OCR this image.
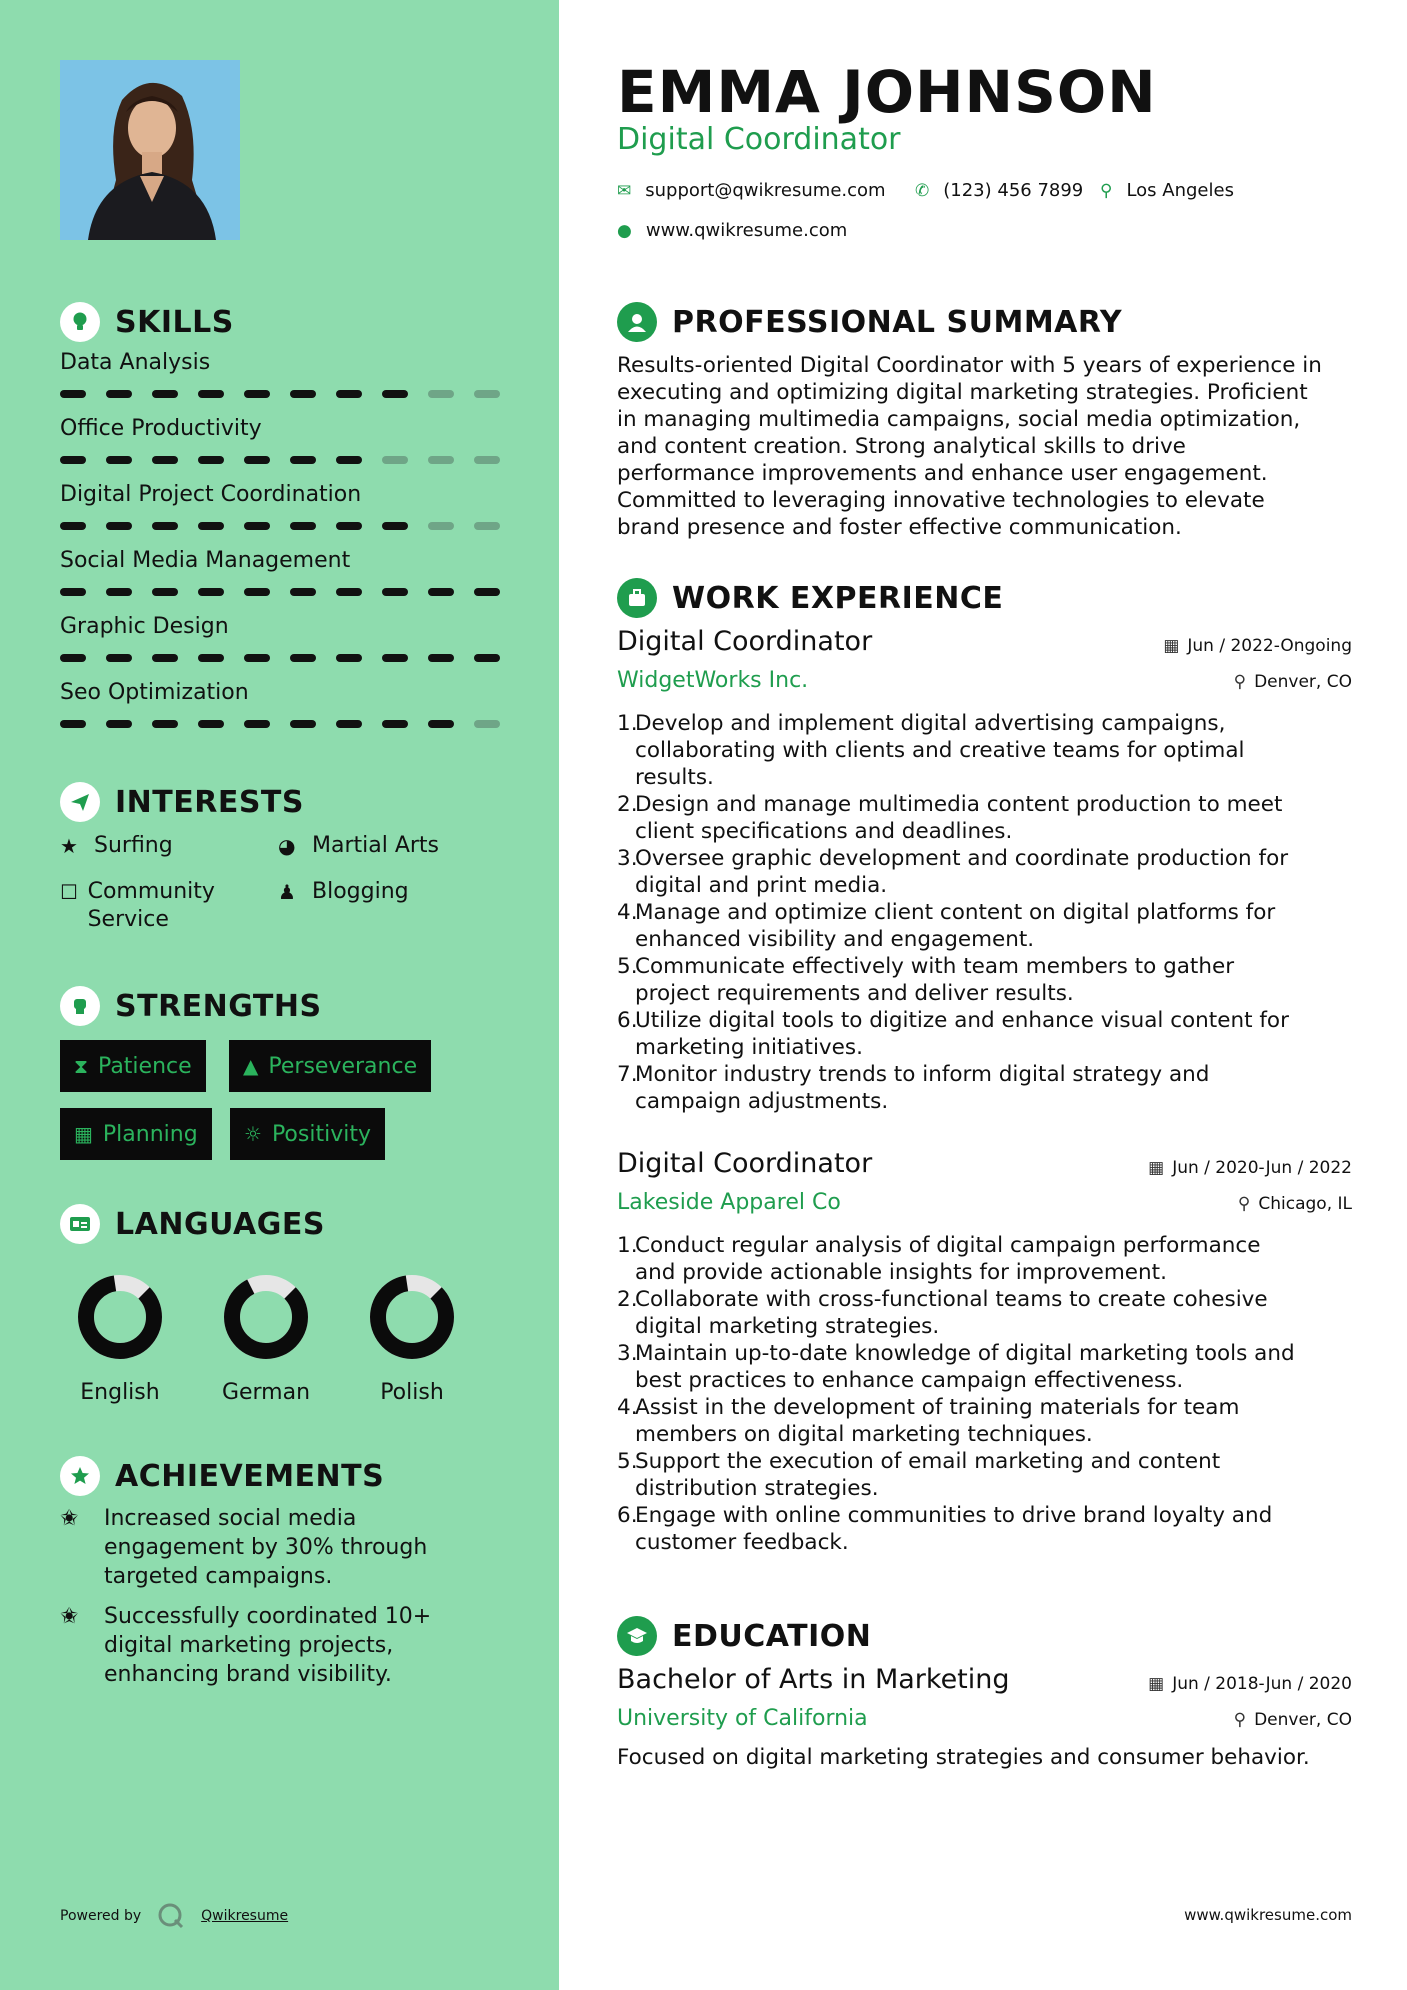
SKILLS
Data Analysis
Office Productivity
Digital Project Coordination
Social Media Management
Graphic Design
Seo Optimization
INTERESTS
★ Surfing	◕ Martial Arts
☐ Community Service
♟ Blogging
STRENGTHS
⧗ Patience	▲ Perseverance
▦ Planning ☼ Positivity
LANGUAGES
English	German	Polish
ACHIEVEMENTS
✬	Increased social media
engagement by 30% through
targeted campaigns.
✬	Successfully coordinated 10+
digital marketing projects,
enhancing brand visibility.
Powered by	Qwikresume
EMMA JOHNSON
Digital Coordinator
✉ support@qwikresume.com ✆ (123) 456 7899 ⚲ Los Angeles
● www.qwikresume.com
PROFESSIONAL SUMMARY
Results-oriented Digital Coordinator with 5 years of experience in
executing and optimizing digital marketing strategies. Proficient
in managing multimedia campaigns, social media optimization,
and content creation. Strong analytical skills to drive
performance improvements and enhance user engagement.
Committed to leveraging innovative technologies to elevate
brand presence and foster effective communication.
WORK EXPERIENCE
Digital Coordinator	▦ Jun / 2022-Ongoing
WidgetWorks Inc.	⚲ Denver, CO
Develop and implement digital advertising campaigns,
collaborating with clients and creative teams for optimal
results.
Design and manage multimedia content production to meet
client specifications and deadlines.
Oversee graphic development and coordinate production for
digital and print media.
Manage and optimize client content on digital platforms for
enhanced visibility and engagement.
Communicate effectively with team members to gather
project requirements and deliver results.
Utilize digital tools to digitize and enhance visual content for
marketing initiatives.
Monitor industry trends to inform digital strategy and
campaign adjustments.
Digital Coordinator	▦ Jun / 2020-Jun / 2022
Lakeside Apparel Co	⚲ Chicago, IL
Conduct regular analysis of digital campaign performance
and provide actionable insights for improvement.
Collaborate with cross-functional teams to create cohesive
digital marketing strategies.
Maintain up-to-date knowledge of digital marketing tools and
best practices to enhance campaign effectiveness.
Assist in the development of training materials for team
members on digital marketing techniques.
Support the execution of email marketing and content
distribution strategies.
Engage with online communities to drive brand loyalty and
customer feedback.
EDUCATION
Bachelor of Arts in Marketing	▦ Jun / 2018-Jun / 2020
University of California	⚲ Denver, CO
Focused on digital marketing strategies and consumer behavior.
www.qwikresume.com
